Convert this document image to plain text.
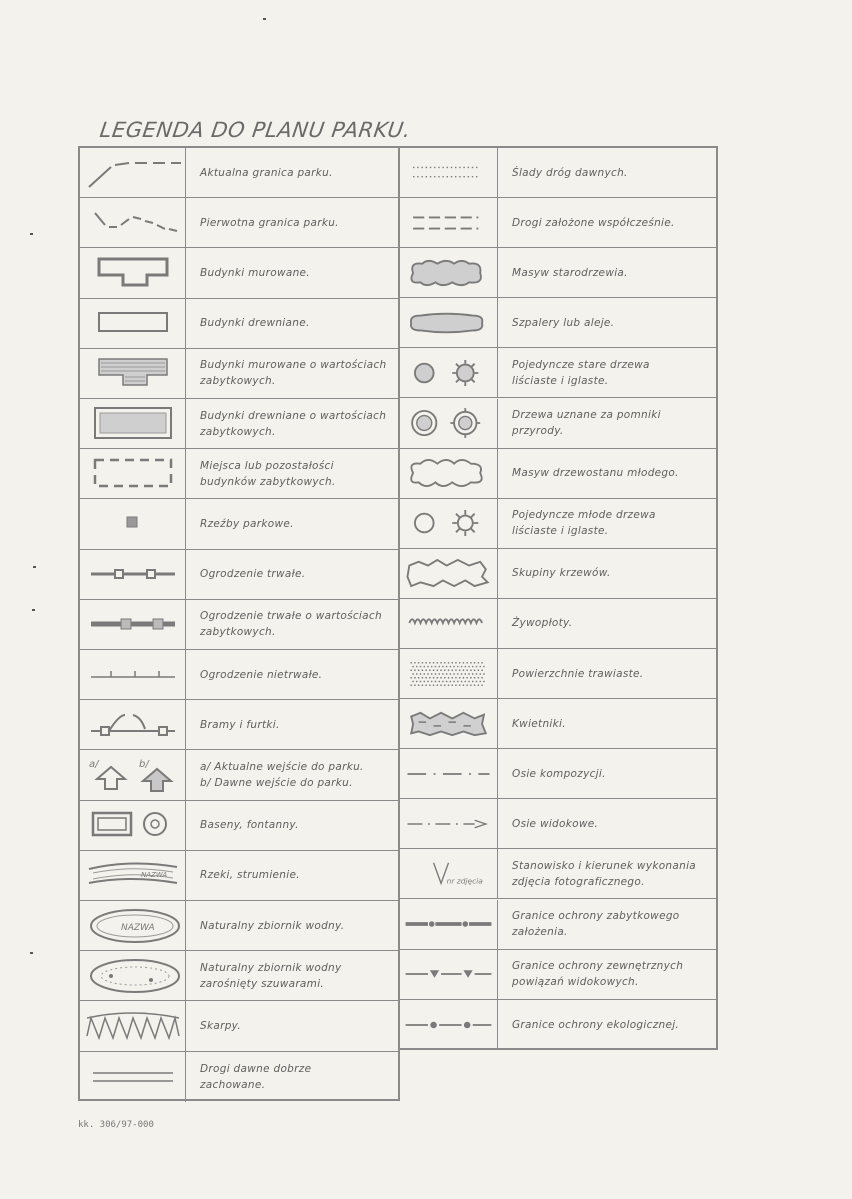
LEGENDA DO PLANU PARKU.
Aktualna granica parku.
Pierwotna granica parku.
Budynki murowane.
Budynki drewniane.
Budynki murowane o wartościach
zabytkowych.
Budynki drewniane o wartościach
zabytkowych.
Miejsca lub pozostałości
budynków zabytkowych.
Rzeźby parkowe.
Ogrodzenie trwałe.
Ogrodzenie trwałe o wartościach
zabytkowych.
Ogrodzenie nietrwałe.
Bramy i furtki.
a/	b/	a/ Aktualne wejście do parku.
b/ Dawne wejście do parku.
Baseny, fontanny.
NAZWA	Rzeki, strumienie.
NAZWA	Naturalny zbiornik wodny.
Naturalny zbiornik wodny
zarośnięty szuwarami.
Skarpy.
Drogi dawne dobrze
zachowane.
Ślady dróg dawnych.
Drogi założone współcześnie.
Masyw starodrzewia.
Szpalery lub aleje.
Pojedyncze stare drzewa
liściaste i iglaste.
Drzewa uznane za pomniki
przyrody.
Masyw drzewostanu młodego.
Pojedyncze młode drzewa
liściaste i iglaste.
Skupiny krzewów.
Żywopłoty.
Powierzchnie trawiaste.
Kwietniki.
Osie kompozycji.
Osie widokowe.
nr zdjęcia
Stanowisko i kierunek wykonania
zdjęcia fotograficznego.
Granice ochrony zabytkowego
założenia.
Granice ochrony zewnętrznych
powiązań widokowych.
Granice ochrony ekologicznej.
kk. 306/97-000
